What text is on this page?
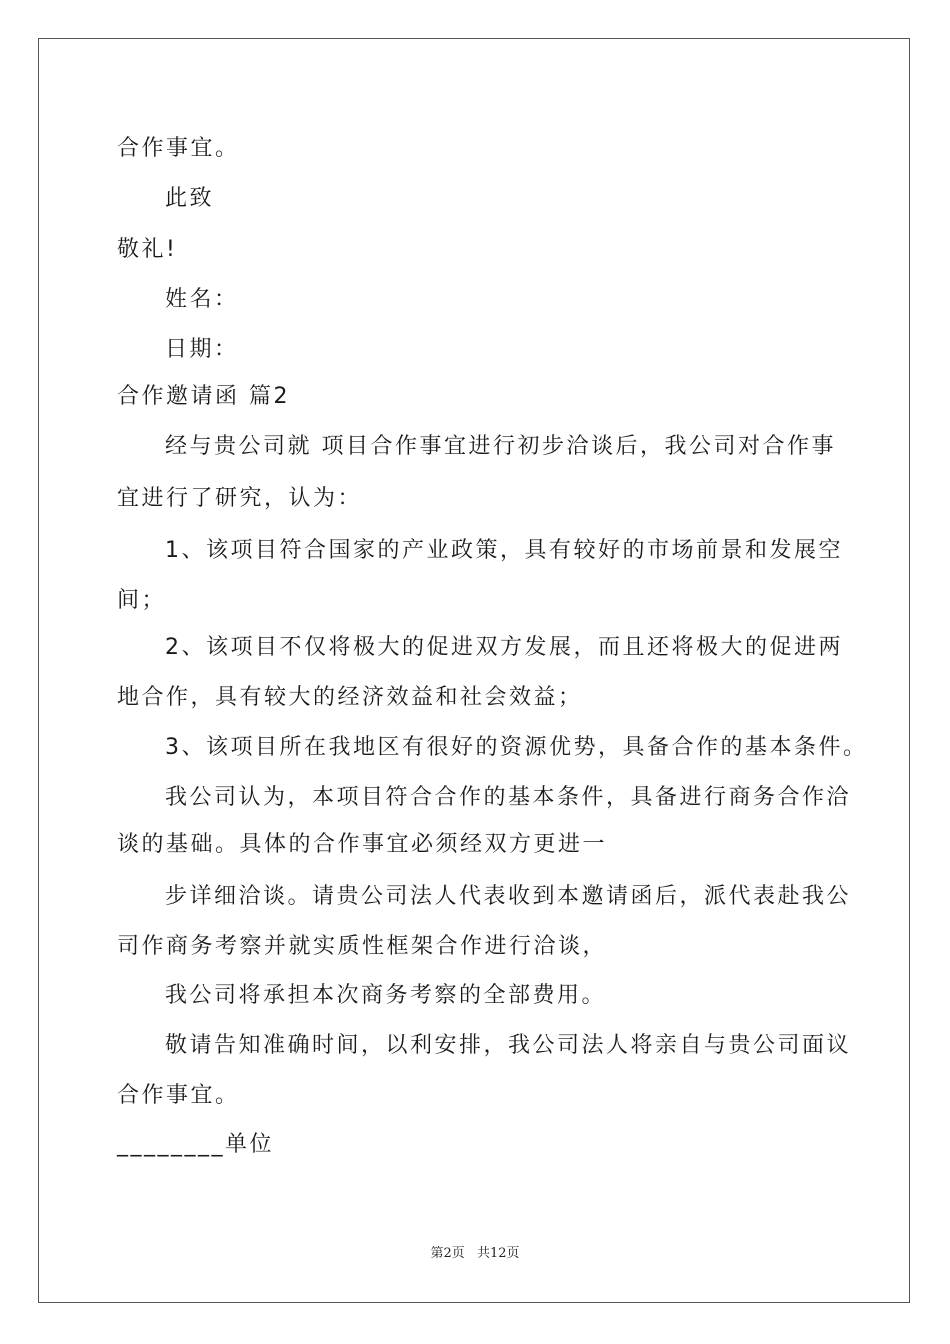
合作事宜。
此致
敬礼!
姓名：
日期：
合作邀请函 篇2
经与贵公司就 项目合作事宜进行初步洽谈后，我公司对合作事
宜进行了研究，认为：
1、该项目符合国家的产业政策，具有较好的市场前景和发展空
间；
2、该项目不仅将极大的促进双方发展，而且还将极大的促进两
地合作，具有较大的经济效益和社会效益；
3、该项目所在我地区有很好的资源优势，具备合作的基本条件。
我公司认为，本项目符合合作的基本条件，具备进行商务合作洽
谈的基础。具体的合作事宜必须经双方更进一
步详细洽谈。请贵公司法人代表收到本邀请函后，派代表赴我公
司作商务考察并就实质性框架合作进行洽谈，
我公司将承担本次商务考察的全部费用。
敬请告知准确时间，以利安排，我公司法人将亲自与贵公司面议
合作事宜。
________单位
第2页 共12页
